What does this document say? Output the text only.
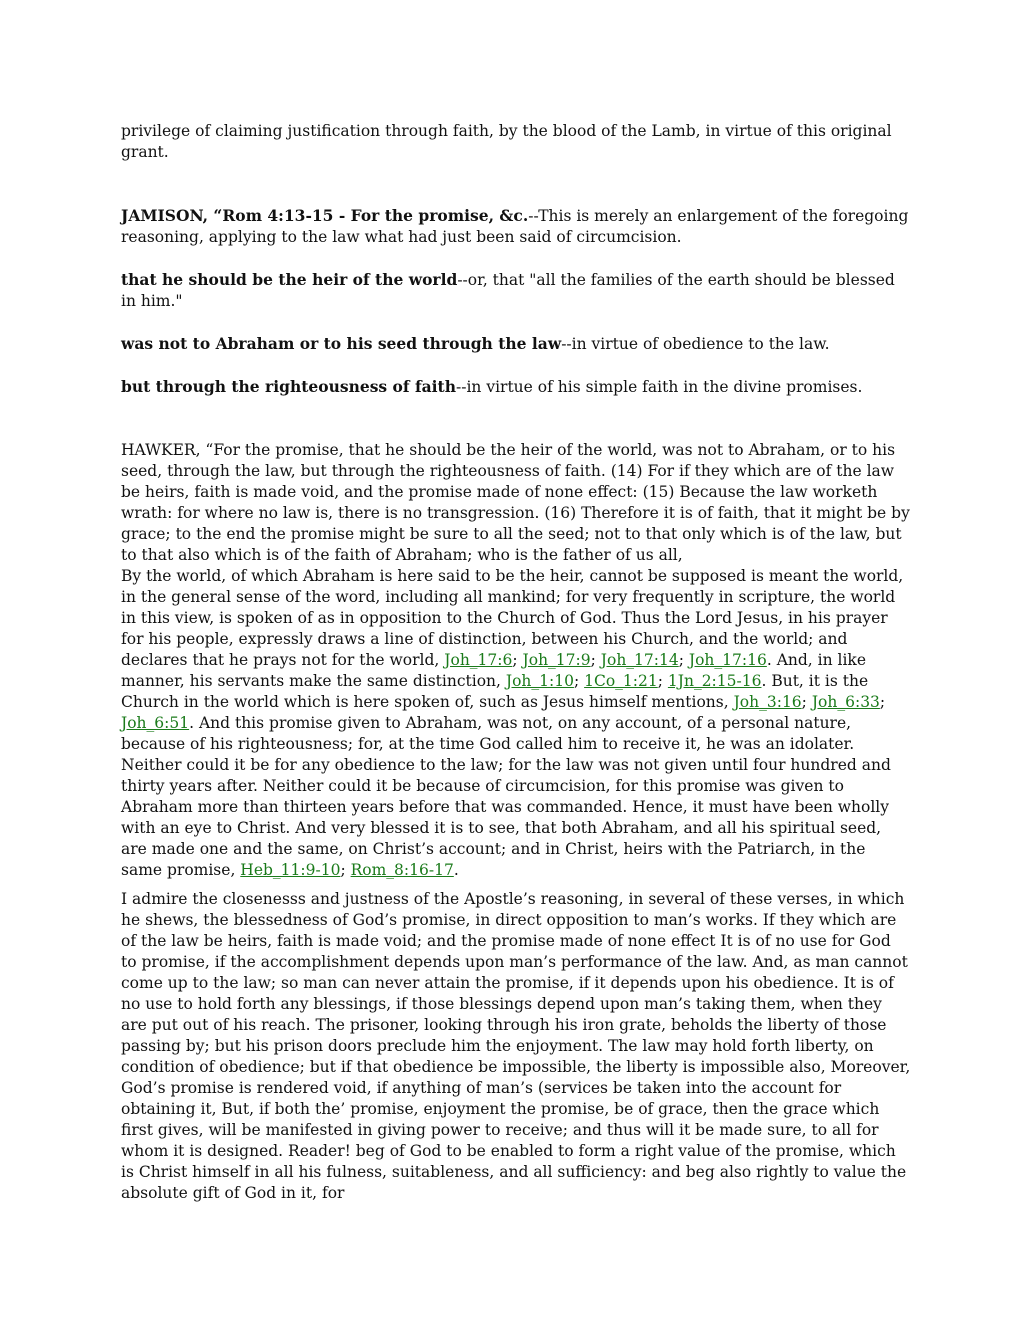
privilege of claiming justification through faith, by the blood of the Lamb, in virtue of this original grant.

JAMISON, “Rom 4:13-15 - For the promise, &c.--This is merely an enlargement of the foregoing reasoning, applying to the law what had just been said of circumcision.

that he should be the heir of the world--or, that "all the families of the earth should be blessed in him."

was not to Abraham or to his seed through the law--in virtue of obedience to the law.

but through the righteousness of faith--in virtue of his simple faith in the divine promises.

HAWKER, “For the promise, that he should be the heir of the world, was not to Abraham, or to his seed, through the law, but through the righteousness of faith. (14) For if they which are of the law be heirs, faith is made void, and the promise made of none effect: (15) Because the law worketh wrath: for where no law is, there is no transgression. (16) Therefore it is of faith, that it might be by grace; to the end the promise might be sure to all the seed; not to that only which is of the law, but to that also which is of the faith of Abraham; who is the father of us all,

By the world, of which Abraham is here said to be the heir, cannot be supposed is meant the world, in the general sense of the word, including all mankind; for very frequently in scripture, the world in this view, is spoken of as in opposition to the Church of God. Thus the Lord Jesus, in his prayer for his people, expressly draws a line of distinction, between his Church, and the world; and declares that he prays not for the world, Joh_17:6; Joh_17:9; Joh_17:14; Joh_17:16. And, in like manner, his servants make the same distinction, Joh_1:10; 1Co_1:21; 1Jn_2:15-16. But, it is the Church in the world which is here spoken of, such as Jesus himself mentions, Joh_3:16; Joh_6:33; Joh_6:51. And this promise given to Abraham, was not, on any account, of a personal nature, because of his righteousness; for, at the time God called him to receive it, he was an idolater. Neither could it be for any obedience to the law; for the law was not given until four hundred and thirty years after. Neither could it be because of circumcision, for this promise was given to Abraham more than thirteen years before that was commanded. Hence, it must have been wholly with an eye to Christ. And very blessed it is to see, that both Abraham, and all his spiritual seed, are made one and the same, on Christ’s account; and in Christ, heirs with the Patriarch, in the same promise, Heb_11:9-10; Rom_8:16-17.

I admire the closenesss and justness of the Apostle’s reasoning, in several of these verses, in which he shews, the blessedness of God’s promise, in direct opposition to man’s works. If they which are of the law be heirs, faith is made void; and the promise made of none effect It is of no use for God to promise, if the accomplishment depends upon man’s performance of the law. And, as man cannot come up to the law; so man can never attain the promise, if it depends upon his obedience. It is of no use to hold forth any blessings, if those blessings depend upon man’s taking them, when they are put out of his reach. The prisoner, looking through his iron grate, beholds the liberty of those passing by; but his prison doors preclude him the enjoyment. The law may hold forth liberty, on condition of obedience; but if that obedience be impossible, the liberty is impossible also, Moreover, God’s promise is rendered void, if anything of man’s (services be taken into the account for obtaining it, But, if both the’ promise, enjoyment the promise, be of grace, then the grace which first gives, will be manifested in giving power to receive; and thus will it be made sure, to all for whom it is designed. Reader! beg of God to be enabled to form a right value of the promise, which is Christ himself in all his fulness, suitableness, and all sufficiency: and beg also rightly to value the absolute gift of God in it, for
